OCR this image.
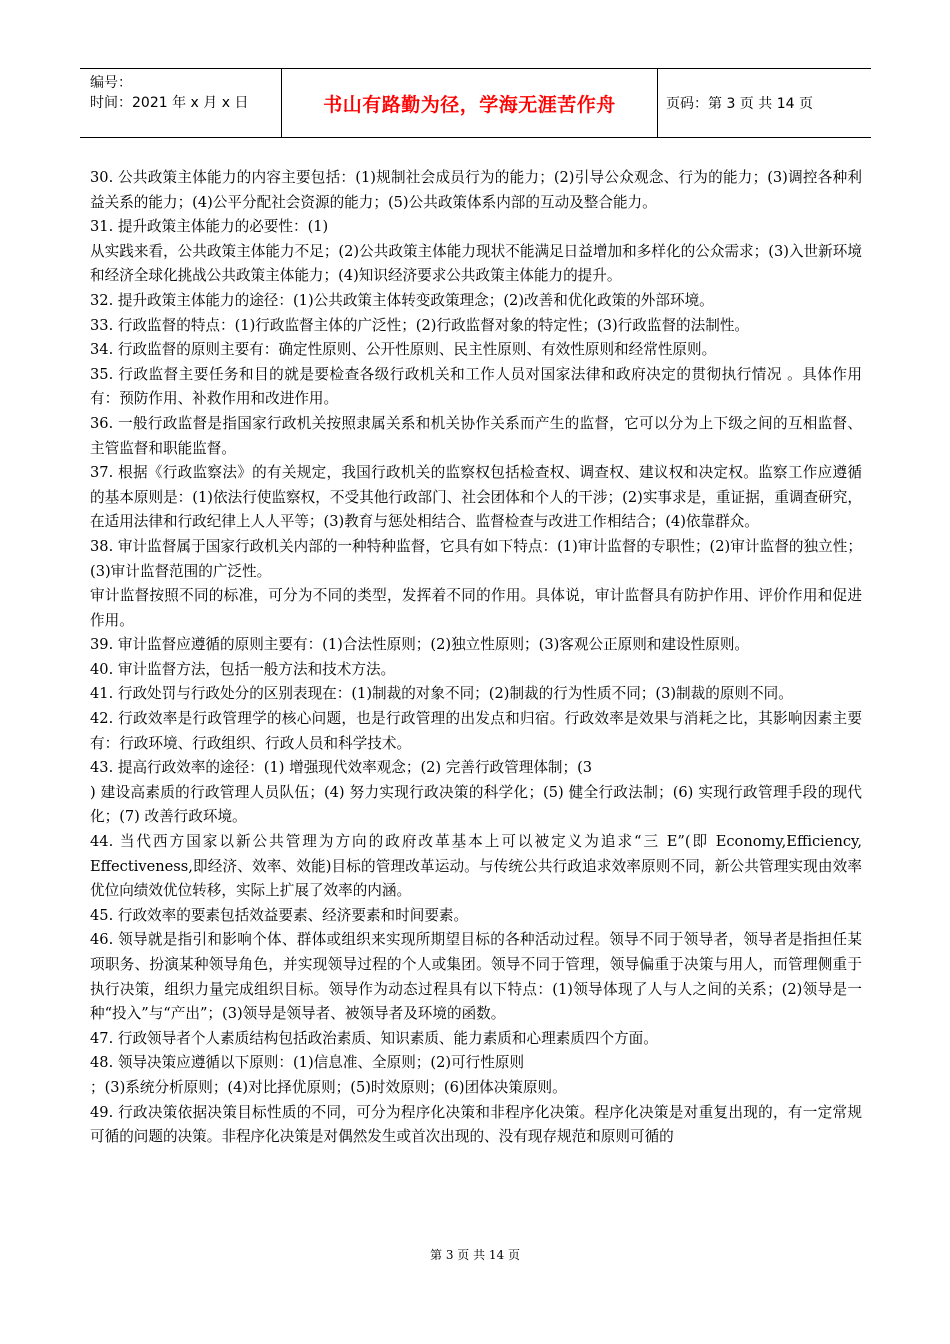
编号：
时间：2021 年 x 月 x 日	书山有路勤为径，学海无涯苦作舟	页码：第 3 页 共 14 页

30. 公共政策主体能力的内容主要包括：(1)规制社会成员行为的能力；(2)引导公众观念、行为的能力；(3)调控各种利益关系的能力；(4)公平分配社会资源的能力；(5)公共政策体系内部的互动及整合能力。

31. 提升政策主体能力的必要性：(1)

从实践来看，公共政策主体能力不足；(2)公共政策主体能力现状不能满足日益增加和多样化的公众需求；(3)入世新环境和经济全球化挑战公共政策主体能力；(4)知识经济要求公共政策主体能力的提升。

32. 提升政策主体能力的途径：(1)公共政策主体转变政策理念；(2)改善和优化政策的外部环境。

33. 行政监督的特点：(1)行政监督主体的广泛性；(2)行政监督对象的特定性；(3)行政监督的法制性。

34. 行政监督的原则主要有：确定性原则、公开性原则、民主性原则、有效性原则和经常性原则。

35. 行政监督主要任务和目的就是要检查各级行政机关和工作人员对国家法律和政府决定的贯彻执行情况 。具体作用有：预防作用、补救作用和改进作用。

36. 一般行政监督是指国家行政机关按照隶属关系和机关协作关系而产生的监督，它可以分为上下级之间的互相监督、主管监督和职能监督。

37. 根据《行政监察法》的有关规定，我国行政机关的监察权包括检查权、调查权、建议权和决定权。监察工作应遵循的基本原则是：(1)依法行使监察权，不受其他行政部门、社会团体和个人的干涉；(2)实事求是，重证据，重调查研究，在适用法律和行政纪律上人人平等；(3)教育与惩处相结合、监督检查与改进工作相结合；(4)依靠群众。

38. 审计监督属于国家行政机关内部的一种特种监督，它具有如下特点：(1)审计监督的专职性；(2)审计监督的独立性；(3)审计监督范围的广泛性。

审计监督按照不同的标准，可分为不同的类型，发挥着不同的作用。具体说，审计监督具有防护作用、评价作用和促进作用。

39. 审计监督应遵循的原则主要有：(1)合法性原则；(2)独立性原则；(3)客观公正原则和建设性原则。

40. 审计监督方法，包括一般方法和技术方法。

41. 行政处罚与行政处分的区别表现在：(1)制裁的对象不同；(2)制裁的行为性质不同；(3)制裁的原则不同。

42. 行政效率是行政管理学的核心问题，也是行政管理的出发点和归宿。行政效率是效果与消耗之比，其影响因素主要有：行政环境、行政组织、行政人员和科学技术。

43. 提高行政效率的途径：(1) 增强现代效率观念；(2) 完善行政管理体制；(3

) 建设高素质的行政管理人员队伍；(4) 努力实现行政决策的科学化；(5) 健全行政法制；(6) 实现行政管理手段的现代化；(7) 改善行政环境。

44. 当代西方国家以新公共管理为方向的政府改革基本上可以被定义为追求“三 E”(即 Economy,Efficiency, Effectiveness,即经济、效率、效能)目标的管理改革运动。与传统公共行政追求效率原则不同，新公共管理实现由效率优位向绩效优位转移，实际上扩展了效率的内涵。

45. 行政效率的要素包括效益要素、经济要素和时间要素。

46. 领导就是指引和影响个体、群体或组织来实现所期望目标的各种活动过程。领导不同于领导者，领导者是指担任某项职务、扮演某种领导角色，并实现领导过程的个人或集团。领导不同于管理，领导偏重于决策与用人，而管理侧重于执行决策，组织力量完成组织目标。领导作为动态过程具有以下特点：(1)领导体现了人与人之间的关系；(2)领导是一种“投入”与“产出”；(3)领导是领导者、被领导者及环境的函数。

47. 行政领导者个人素质结构包括政治素质、知识素质、能力素质和心理素质四个方面。

48. 领导决策应遵循以下原则：(1)信息准、全原则；(2)可行性原则

；(3)系统分析原则；(4)对比择优原则；(5)时效原则；(6)团体决策原则。

49. 行政决策依据决策目标性质的不同，可分为程序化决策和非程序化决策。程序化决策是对重复出现的，有一定常规可循的问题的决策。非程序化决策是对偶然发生或首次出现的、没有现存规范和原则可循的

第 3 页 共 14 页
